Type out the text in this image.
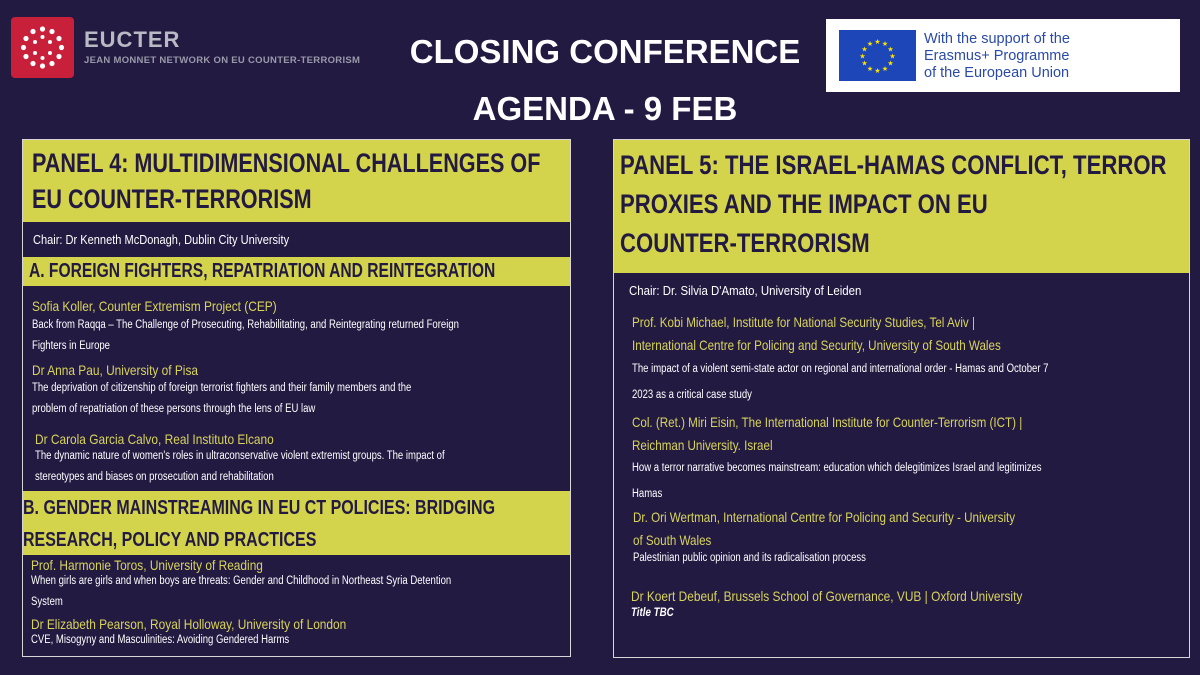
EUCTER
JEAN MONNET NETWORK ON EU COUNTER-TERRORISM CLOSING CONFERENCE
AGENDA - 9 FEB
★ ★
★
★
★
★
★
★
★
★
★
★	With the support of the
Erasmus+ Programme
of the European Union
PANEL 4: MULTIDIMENSIONAL CHALLENGES OF
EU COUNTER-TERRORISM
Chair: Dr Kenneth McDonagh, Dublin City University
A. FOREIGN FIGHTERS, REPATRIATION AND REINTEGRATION
Sofia Koller, Counter Extremism Project (CEP)
Back from Raqqa – The Challenge of Prosecuting, Rehabilitating, and Reintegrating returned Foreign
Fighters in Europe
Dr Anna Pau, University of Pisa
The deprivation of citizenship of foreign terrorist fighters and their family members and the
problem of repatriation of these persons through the lens of EU law
Dr Carola Garcia Calvo, Real Instituto Elcano
The dynamic nature of women's roles in ultraconservative violent extremist groups. The impact of
stereotypes and biases on prosecution and rehabilitation
B. GENDER MAINSTREAMING IN EU CT POLICIES: BRIDGING
RESEARCH, POLICY AND PRACTICES
Prof. Harmonie Toros, University of Reading
When girls are girls and when boys are threats: Gender and Childhood in Northeast Syria Detention
System
Dr Elizabeth Pearson, Royal Holloway, University of London
CVE, Misogyny and Masculinities: Avoiding Gendered Harms
PANEL 5: THE ISRAEL-HAMAS CONFLICT, TERROR
PROXIES AND THE IMPACT ON EU
COUNTER-TERRORISM
Chair: Dr. Silvia D'Amato, University of Leiden
Prof. Kobi Michael, Institute for National Security Studies, Tel Aviv |
International Centre for Policing and Security, University of South Wales
The impact of a violent semi-state actor on regional and international order - Hamas and October 7
2023 as a critical case study
Col. (Ret.) Miri Eisin, The International Institute for Counter-Terrorism (ICT) |
Reichman University. Israel
How a terror narrative becomes mainstream: education which delegitimizes Israel and legitimizes
Hamas
Dr. Ori Wertman, International Centre for Policing and Security - University
of South Wales
Palestinian public opinion and its radicalisation process
Dr Koert Debeuf, Brussels School of Governance, VUB | Oxford University
Title TBC
